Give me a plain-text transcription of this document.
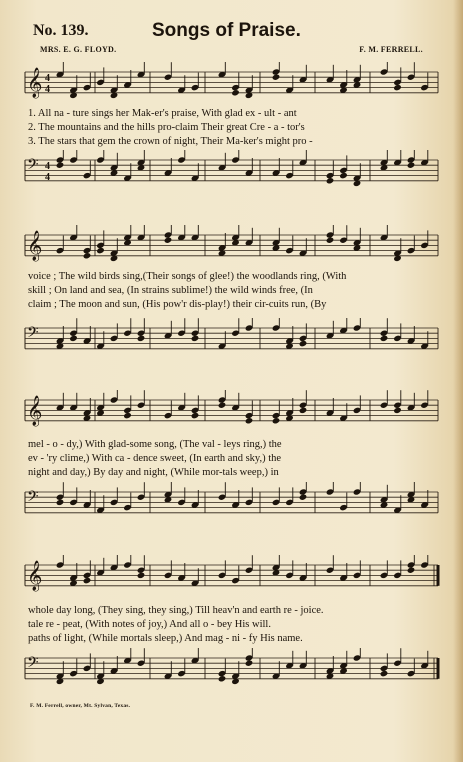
No. 139.	Songs of Praise.
MRS. E. G. FLOYD.	F. M. FERRELL.
𝄞 4
4
1. All na - ture sings her Mak-er's praise, With glad ex - ult - ant
2. The mountains and the hills pro-claim Their great Cre - a - tor's
3. The stars that gem the crown of night, Their Ma-ker's might pro -
𝄢 4
4
𝄞
voice ; The wild birds sing,(Their songs of glee!) the woodlands ring, (With
skill ; On land and sea, (In strains sublime!) the wild winds free, (In
claim ; The moon and sun, (His pow'r dis-play!) their cir-cuits run, (By
𝄢
𝄞
mel - o - dy,) With glad-some song, (The val - leys ring,) the
ev - 'ry clime,) With ca - dence sweet, (In earth and sky,) the
night and day,) By day and night, (While mor-tals weep,) in
𝄢
𝄞
whole day long, (They sing, they sing,) Till heav'n and earth re - joice.
tale re - peat, (With notes of joy,) And all o - bey His will.
paths of light, (While mortals sleep,) And mag - ni - fy His name.
𝄢
F. M. Ferrell, owner, Mt. Sylvan, Texas.
